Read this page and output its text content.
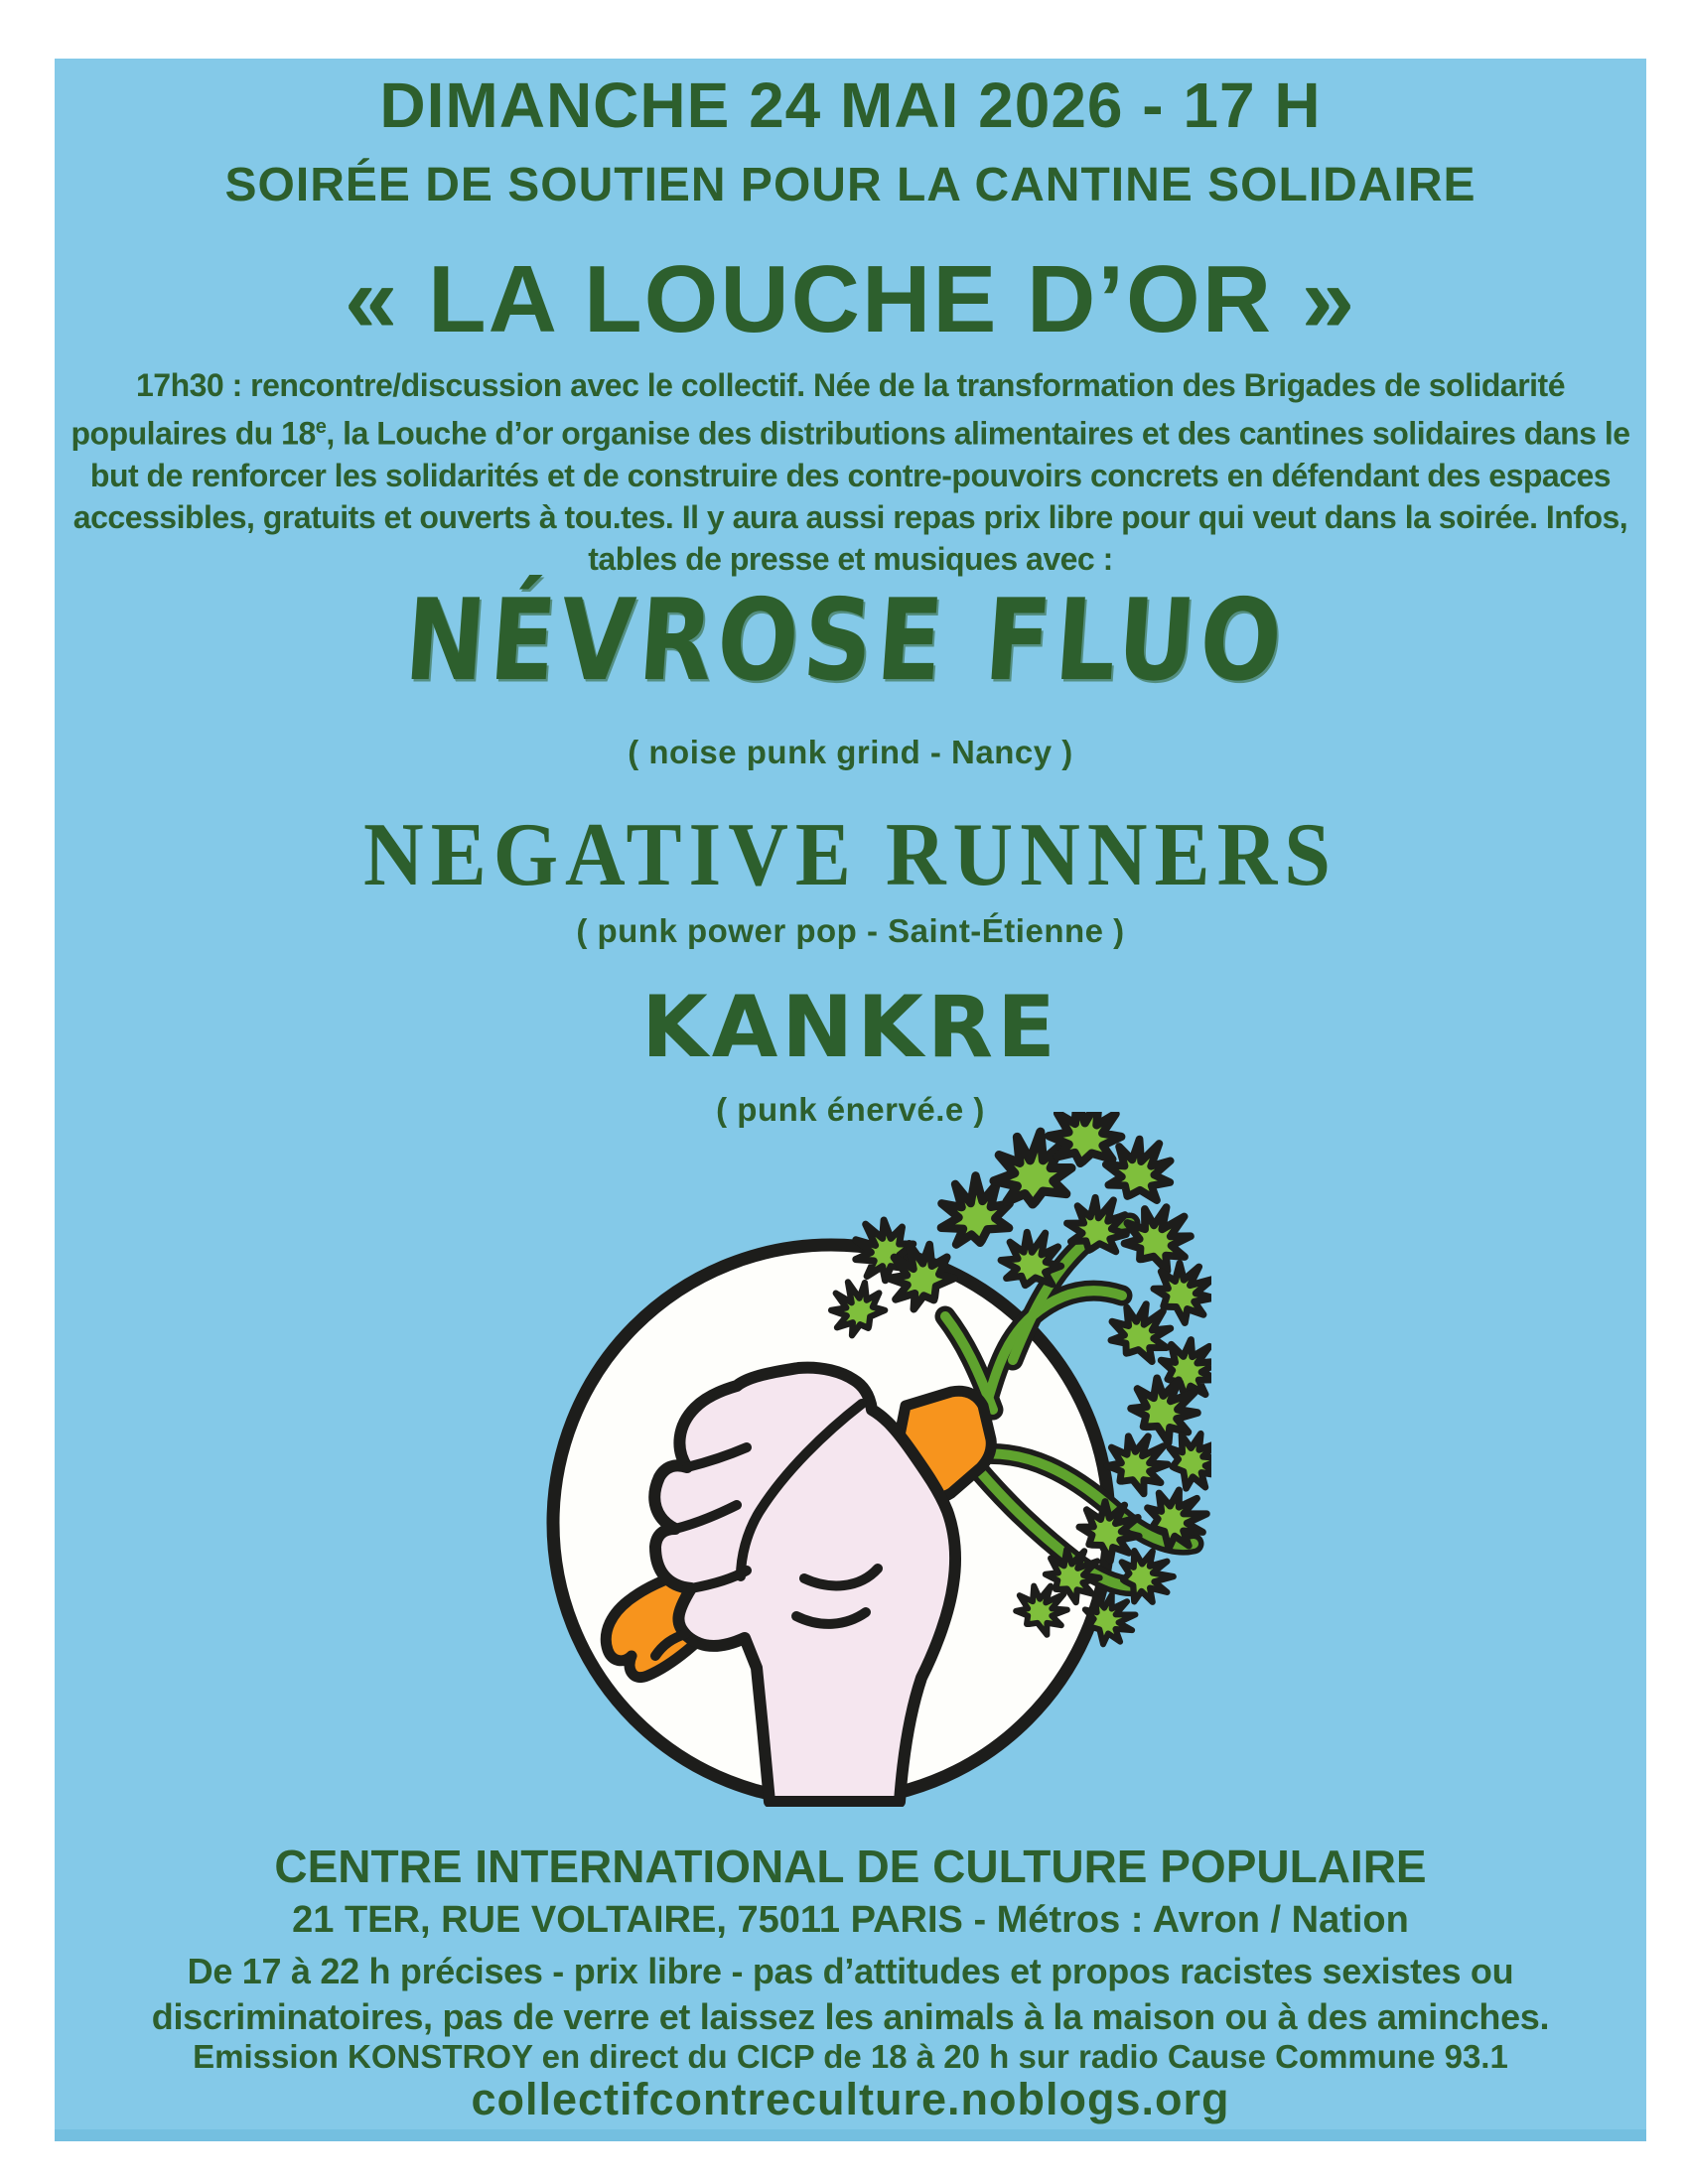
DIMANCHE 24 MAI 2026 - 17 H
SOIRÉE DE SOUTIEN POUR LA CANTINE SOLIDAIRE
« LA LOUCHE D’OR »

17h30 : rencontre/discussion avec le collectif. Née de la transformation des Brigades de solidarité populaires du 18e, la Louche d’or organise des distributions alimentaires et des cantines solidaires dans le but de renforcer les solidarités et de construire des contre-pouvoirs concrets en défendant des espaces accessibles, gratuits et ouverts à tou.tes. Il y aura aussi repas prix libre pour qui veut dans la soirée. Infos, tables de presse et musiques avec :

NÉVROSE FLUO
( noise punk grind - Nancy )
NEGATIVE RUNNERS
( punk power pop - Saint-Étienne )
KANKRE
( punk énervé.e )
CENTRE INTERNATIONAL DE CULTURE POPULAIRE
21 TER, RUE VOLTAIRE, 75011 PARIS - Métros : Avron / Nation

De 17 à 22 h précises - prix libre - pas d’attitudes et propos racistes sexistes ou discriminatoires, pas de verre et laissez les animals à la maison ou à des aminches.

Emission KONSTROY en direct du CICP de 18 à 20 h sur radio Cause Commune 93.1
collectifcontreculture.noblogs.org
